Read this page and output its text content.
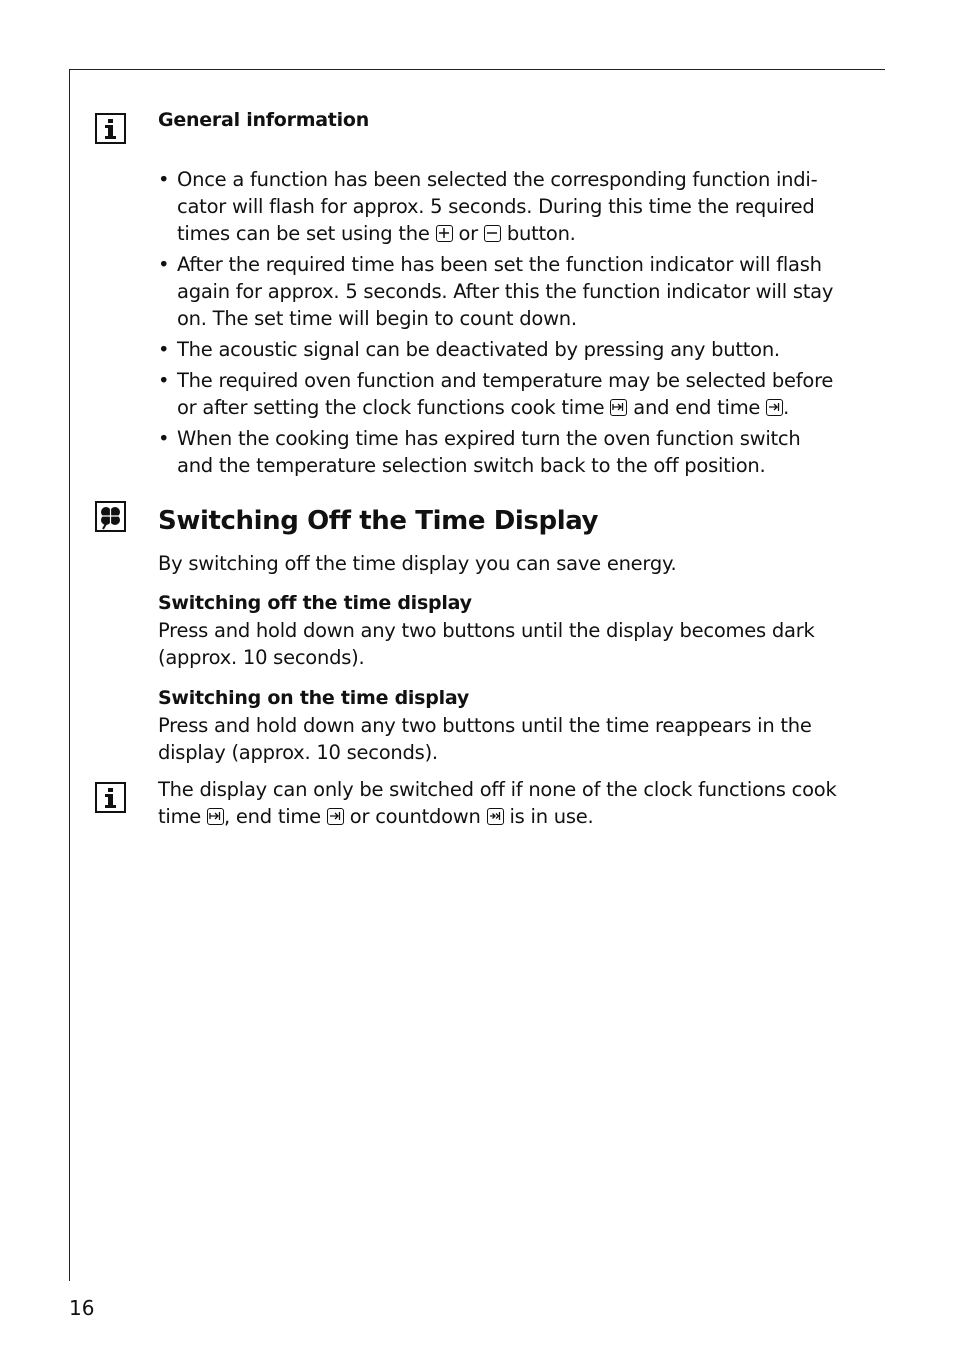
General information
• Once a function has been selected the corresponding function indi-
cator will flash for approx. 5 seconds. During this time the required
times can be set using the
or
button.
• After the required time has been set the function indicator will flash
again for approx. 5 seconds. After this the function indicator will stay
on. The set time will begin to count down.
• The acoustic signal can be deactivated by pressing any button.
• The required oven function and temperature may be selected before
or after setting the clock functions cook time
and end time
.
• When the cooking time has expired turn the oven function switch
and the temperature selection switch back to the off position.
Switching Off the Time Display
By switching off the time display you can save energy.
Switching off the time display
Press and hold down any two buttons until the display becomes dark
(approx. 10 seconds).
Switching on the time display
Press and hold down any two buttons until the time reappears in the
display (approx. 10 seconds).
The display can only be switched off if none of the clock functions cook
time
, end time
or countdown
is in use.
16
